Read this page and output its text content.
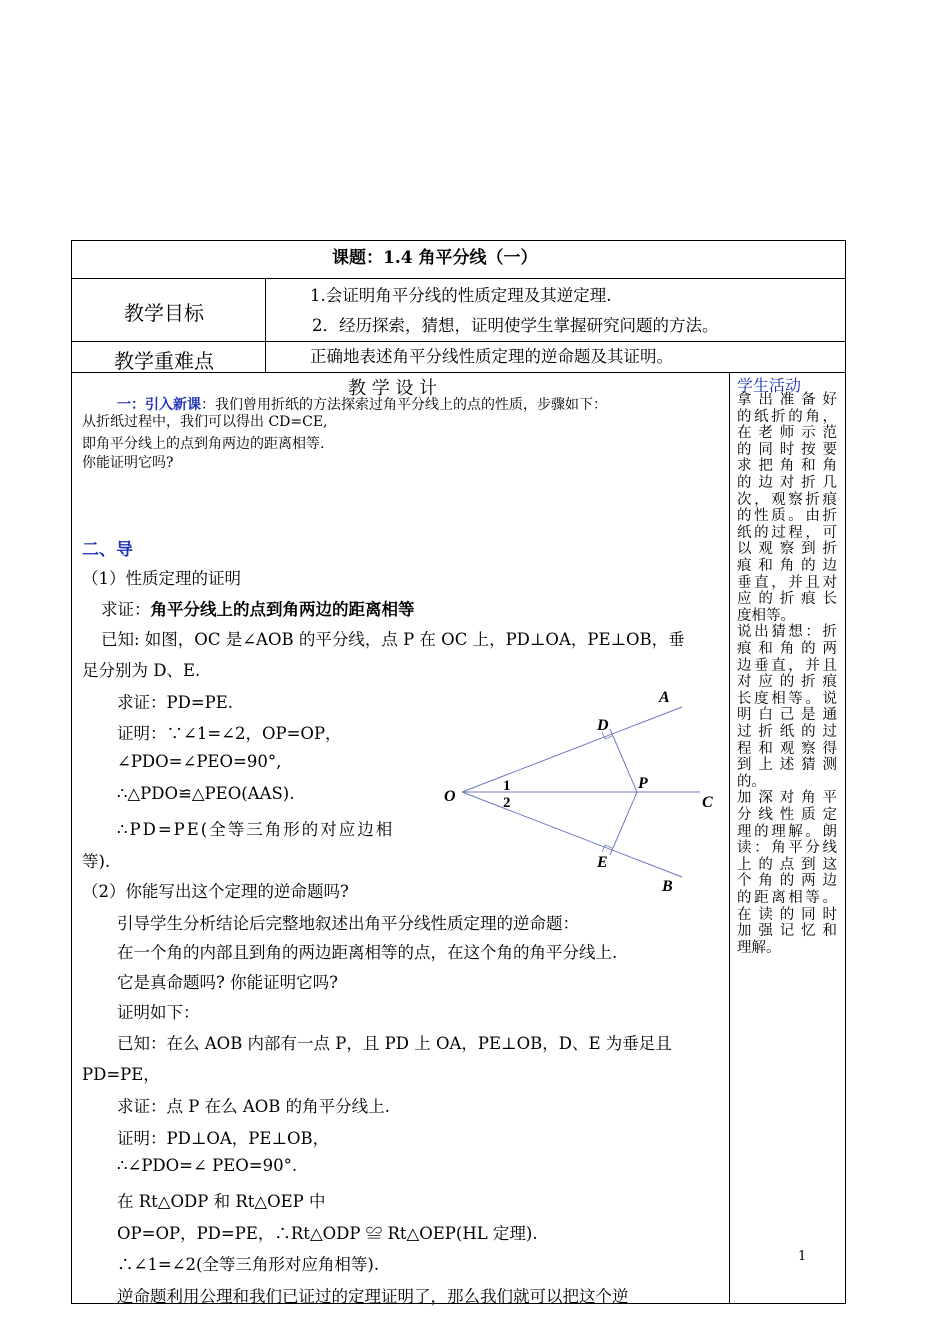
课题：1.4 角平分线（一）
教学目标
1.会证明角平分线的性质定理及其逆定理.
2．经历探索，猜想，证明使学生掌握研究问题的方法。
教学重难点	正确地表述角平分线性质定理的逆命题及其证明。
教 学 设 计
一：引入新课：我们曾用折纸的方法探索过角平分线上的点的性质，步骤如下：
从折纸过程中，我们可以得出 CD=CE,
即角平分线上的点到角两边的距离相等.
你能证明它吗?
二、导
（1）性质定理的证明
求证：角平分线上的点到角两边的距离相等
已知: 如图，OC 是∠AOB 的平分线，点 P 在 OC 上，PD⊥OA，PE⊥OB，垂
足分别为 D、E.
求证：PD=PE.
证明：∵∠1=∠2，OP=OP，
∠PDO=∠PEO=90°,
∴△PDO≌△PEO(AAS).
∴PD=PE(全等三角形的对应边相
等).
（2）你能写出这个定理的逆命题吗?
引导学生分析结论后完整地叙述出角平分线性质定理的逆命题：
在一个角的内部且到角的两边距离相等的点，在这个角的角平分线上.
它是真命题吗? 你能证明它吗?
证明如下：
已知：在么 AOB 内部有一点 P，且 PD 上 OA，PE⊥OB，D、E 为垂足且
PD=PE，
求证：点 P 在么 AOB 的角平分线上.
证明：PD⊥OA，PE⊥OB，
∴∠PDO=∠ PEO=90°.
在 Rt△ODP 和 Rt△OEP 中
OP=OP，PD=PE，∴Rt△ODP ≌ Rt△OEP(HL 定理).
∴∠1=∠2(全等三角形对应角相等).
逆命题利用公理和我们已证过的定理证明了，那么我们就可以把这个逆
1
A
D
P
O	C
E
B
1
2
学生活动
拿 出 准 备 好
的纸折的角，
在 老 师 示 范
的 同 时 按 要
求 把 角 和 角
的 边 对 折 几
次，观察折痕
的性质。由折
纸的过程，可
以 观 察 到 折
痕 和 角 的 边
垂直，并且对
应 的 折 痕 长
度相等。
说出猜想：折
痕 和 角 的 两
边垂直，并且
对 应 的 折 痕
长度相等。说
明 白 己 是 通
过 折 纸 的 过
程 和 观 察 得
到 上 述 猜 测
的。
加 深 对 角 平
分 线 性 质 定
理的理解。朗
读：角平分线
上 的 点 到 这
个 角 的 两 边
的距离相等。
在 读 的 同 时
加 强 记 忆 和
理解。
